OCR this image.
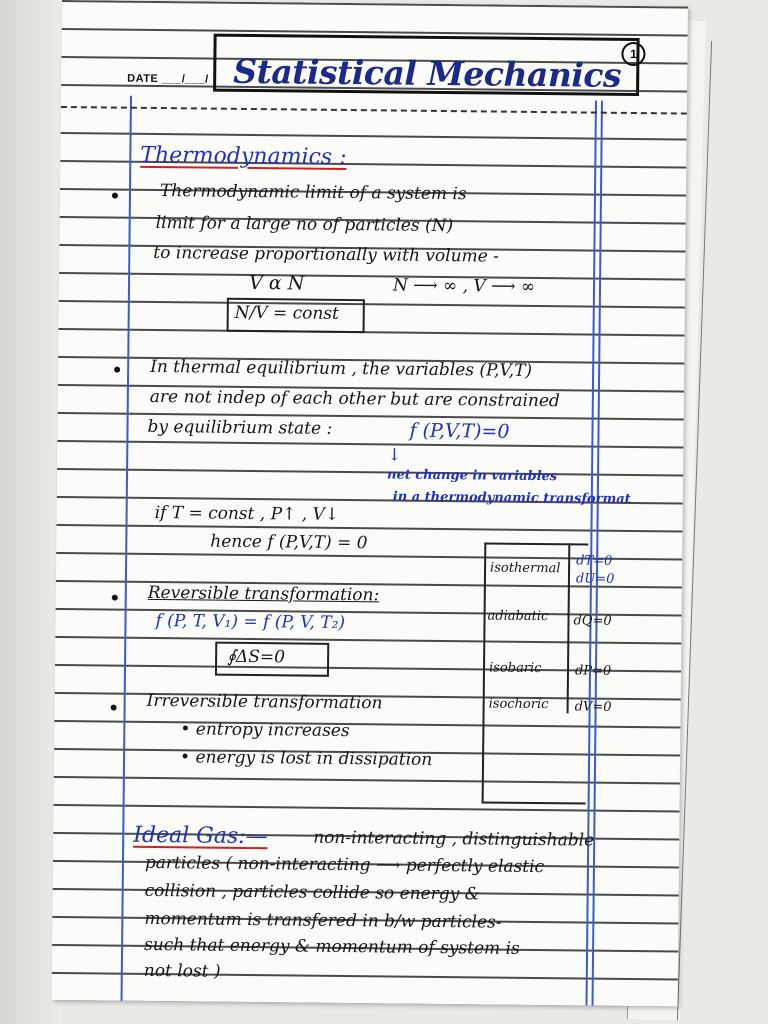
DATE ___/___/ Statistical Mechanics 1
Thermodynamics :
Thermodynamic limit of a system is
limit for a large no of particles (N)
to increase proportionally with volume -
V α N	N ⟶ ∞ , V ⟶ ∞
N/V = const
In thermal equilibrium , the variables (P,V,T)
are not indep of each other but are constrained
by equilibrium state :	f (P,V,T)=0
↓
net change in variables
in a thermodynamic transformat
if T = const , P↑ , V↓
hence f (P,V,T) = 0
isothermal dT=0
dU=0
adiabatic dQ=0
isobaric	dP=0
isochoric dV=0
Reversible transformation:
f (P, T, V₁) = f (P, V, T₂)
∮ΔS=0
Irreversible transformation
• entropy increases
• energy is lost in dissipation
Ideal Gas:—	non-interacting , distinguishable
particles ( non-interacting ⟶ perfectly elastic
collision , particles collide so energy &
momentum is transfered in b/w particles-
such that energy & momentum of system is
not lost )
